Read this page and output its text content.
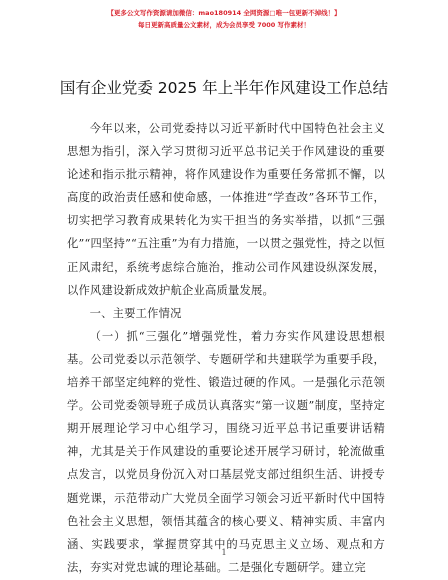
【更多公文写作资源请加微信：mao180914 全网资源□唯一包更新不掉线！】
每日更新高质量公文素材，成为会员享受 7000 写作素材！
国有企业党委 2025 年上半年作风建设工作总结

今年以来，公司党委持以习近平新时代中国特色社会主义思想为指引，深入学习贯彻习近平总书记关于作风建设的重要论述和指示批示精神，将作风建设作为重要任务常抓不懈，以高度的政治责任感和使命感，一体推进“学查改”各环节工作，切实把学习教育成果转化为实干担当的务实举措，以抓“三强化”“四坚持”“五注重”为有力措施，一以贯之强党性，持之以恒正风肃纪，系统考虑综合施治，推动公司作风建设纵深发展，以作风建设新成效护航企业高质量发展。

一、主要工作情况

（一）抓“三强化”增强党性，着力夯实作风建设思想根基。公司党委以示范领学、专题研学和共建联学为重要手段，培养干部坚定纯粹的党性、锻造过硬的作风。一是强化示范领学。公司党委领导班子成员认真落实“第一议题”制度，坚持定期开展理论学习中心组学习，围绕习近平总书记重要讲话精神，尤其是关于作风建设的重要论述开展学习研讨，轮流做重点发言，以党员身份沉入对口基层党支部过组织生活、讲授专题党课，示范带动广大党员全面学习领会习近平新时代中国特色社会主义思想，领悟其蕴含的核心要义、精神实质、丰富内涵、实践要求，掌握贯穿其中的马克思主义立场、观点和方法，夯实对党忠诚的理论基础。二是强化专题研学。建立完

1
